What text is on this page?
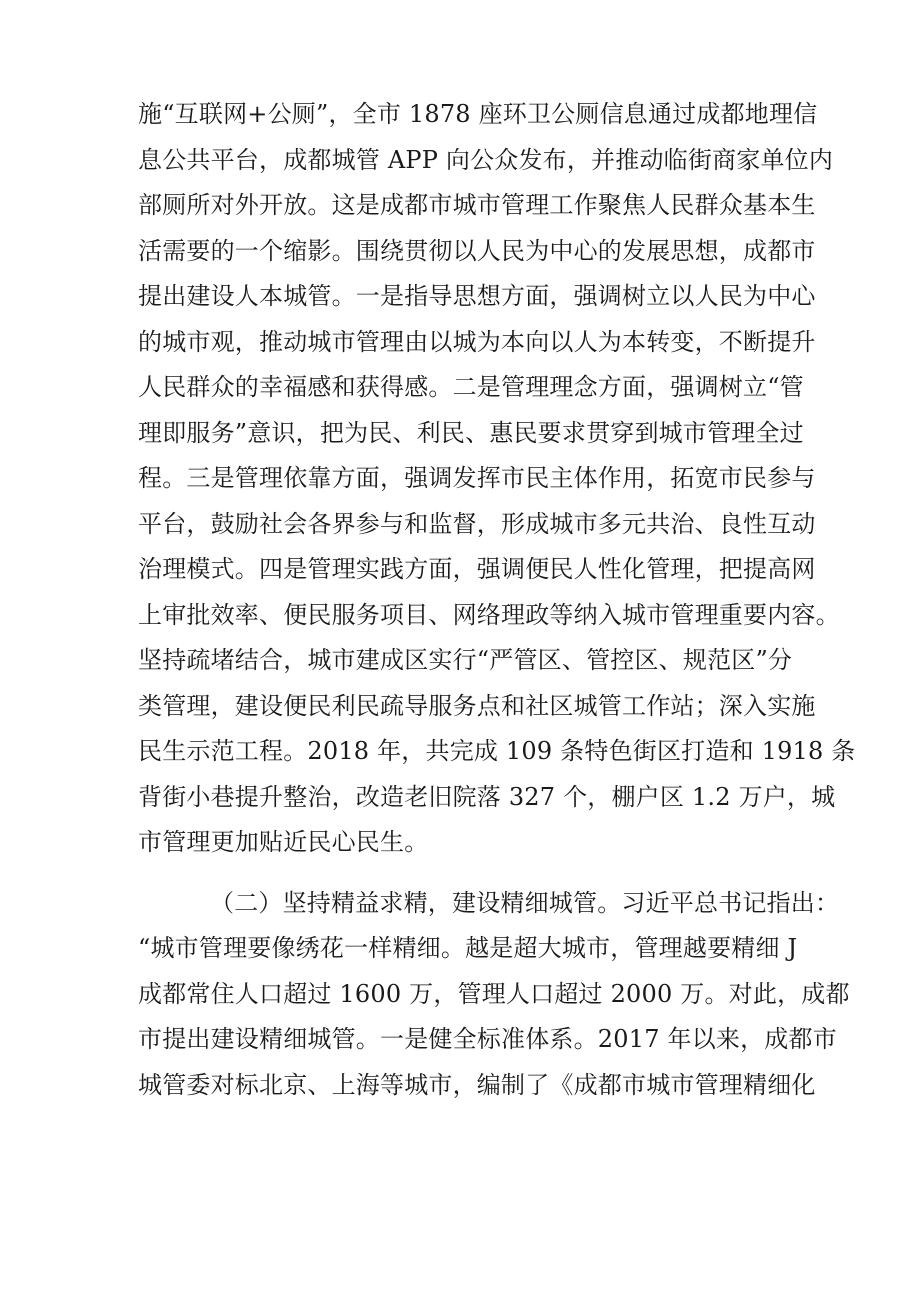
施“互联网+公厕”，全市 1878 座环卫公厕信息通过成都地理信
息公共平台，成都城管 APP 向公众发布，并推动临街商家单位内
部厕所对外开放。这是成都市城市管理工作聚焦人民群众基本生
活需要的一个缩影。围绕贯彻以人民为中心的发展思想，成都市
提出建设人本城管。一是指导思想方面，强调树立以人民为中心
的城市观，推动城市管理由以城为本向以人为本转变，不断提升
人民群众的幸福感和获得感。二是管理理念方面，强调树立“管
理即服务”意识，把为民、利民、惠民要求贯穿到城市管理全过
程。三是管理依靠方面，强调发挥市民主体作用，拓宽市民参与
平台，鼓励社会各界参与和监督，形成城市多元共治、良性互动
治理模式。四是管理实践方面，强调便民人性化管理，把提高网
上审批效率、便民服务项目、网络理政等纳入城市管理重要内容。
坚持疏堵结合，城市建成区实行“严管区、管控区、规范区”分
类管理，建设便民利民疏导服务点和社区城管工作站；深入实施
民生示范工程。2018 年，共完成 109 条特色街区打造和 1918 条
背街小巷提升整治，改造老旧院落 327 个，棚户区 1.2 万户，城
市管理更加贴近民心民生。
（二）坚持精益求精，建设精细城管。习近平总书记指出：
“城市管理要像绣花一样精细。越是超大城市，管理越要精细 J
成都常住人口超过 1600 万，管理人口超过 2000 万。对此，成都
市提出建设精细城管。一是健全标准体系。2017 年以来，成都市
城管委对标北京、上海等城市，编制了《成都市城市管理精细化
